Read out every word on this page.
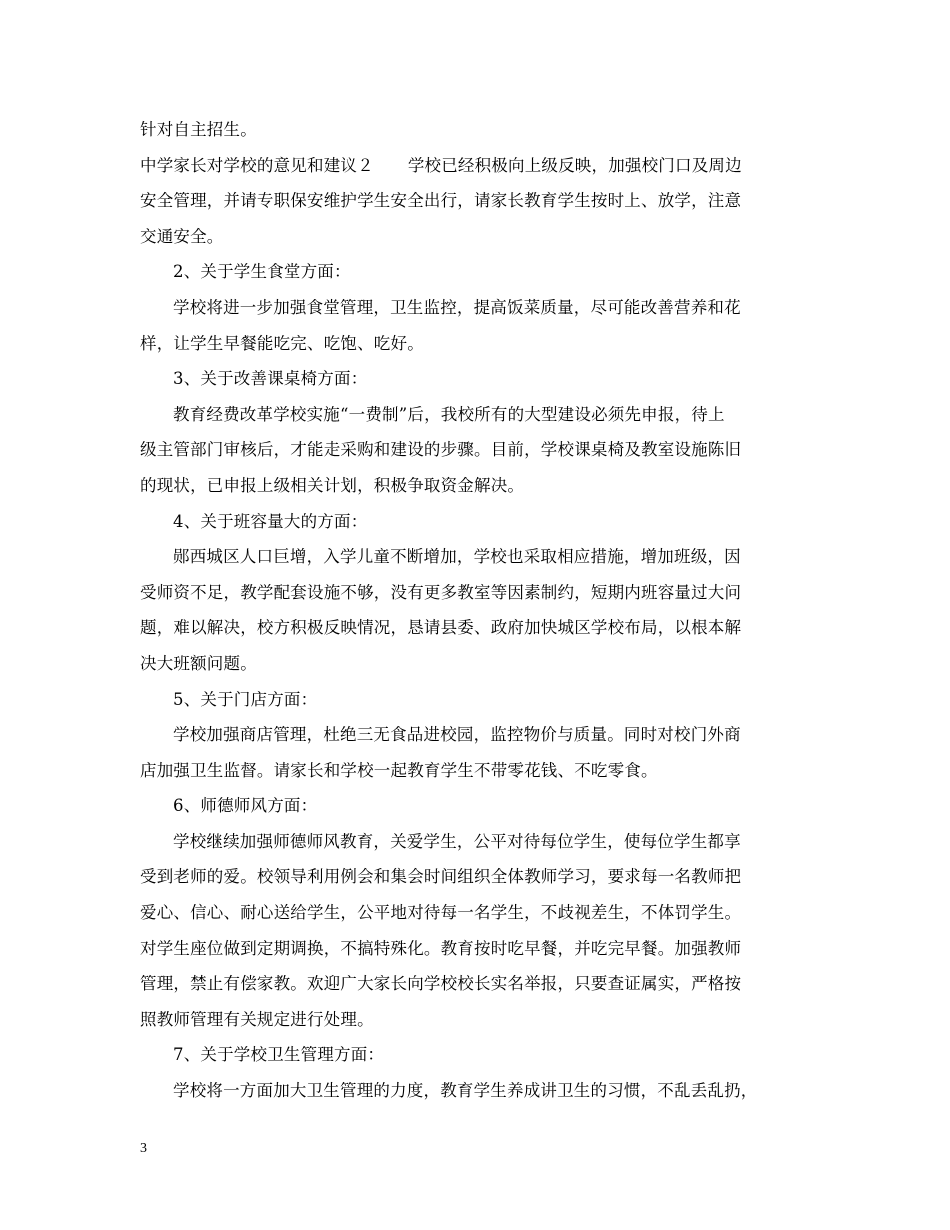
针对自主招生。
中学家长对学校的意见和建议２ 学校已经积极向上级反映，加强校门口及周边
安全管理，并请专职保安维护学生安全出行，请家长教育学生按时上、放学，注意
交通安全。
2、关于学生食堂方面：
学校将进一步加强食堂管理，卫生监控，提高饭菜质量，尽可能改善营养和花
样，让学生早餐能吃完、吃饱、吃好。
3、关于改善课桌椅方面：
教育经费改革学校实施“一费制”后，我校所有的大型建设必须先申报，待上
级主管部门审核后，才能走采购和建设的步骤。目前，学校课桌椅及教室设施陈旧
的现状，已申报上级相关计划，积极争取资金解决。
4、关于班容量大的方面：
郧西城区人口巨增，入学儿童不断增加，学校也采取相应措施，增加班级，因
受师资不足，教学配套设施不够，没有更多教室等因素制约，短期内班容量过大问
题，难以解决，校方积极反映情况，恳请县委、政府加快城区学校布局，以根本解
决大班额问题。
5、关于门店方面：
学校加强商店管理，杜绝三无食品进校园，监控物价与质量。同时对校门外商
店加强卫生监督。请家长和学校一起教育学生不带零花钱、不吃零食。
6、师德师风方面：
学校继续加强师德师风教育，关爱学生，公平对待每位学生，使每位学生都享
受到老师的爱。校领导利用例会和集会时间组织全体教师学习，要求每一名教师把
爱心、信心、耐心送给学生，公平地对待每一名学生，不歧视差生，不体罚学生。
对学生座位做到定期调换，不搞特殊化。教育按时吃早餐，并吃完早餐。加强教师
管理，禁止有偿家教。欢迎广大家长向学校校长实名举报，只要查证属实，严格按
照教师管理有关规定进行处理。
7、关于学校卫生管理方面：
学校将一方面加大卫生管理的力度，教育学生养成讲卫生的习惯，不乱丢乱扔，
3
